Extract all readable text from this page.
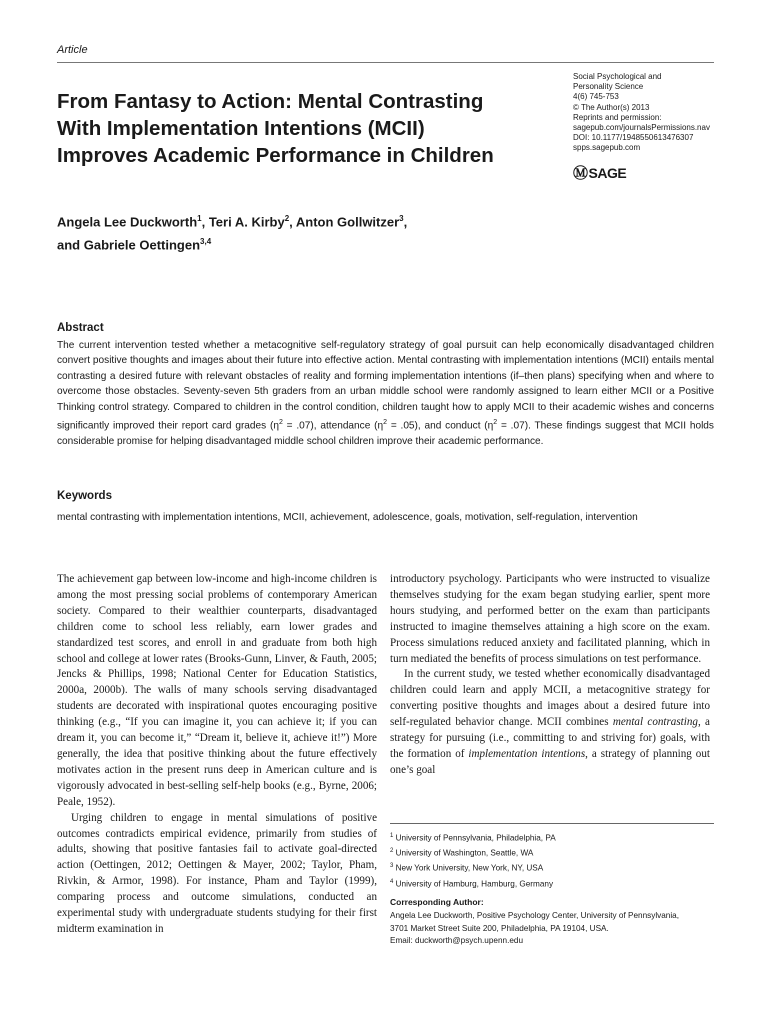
Article
From Fantasy to Action: Mental Contrasting With Implementation Intentions (MCII) Improves Academic Performance in Children
Social Psychological and
Personality Science
4(6) 745-753
© The Author(s) 2013
Reprints and permission:
sagepub.com/journalsPermissions.nav
DOI: 10.1177/1948550613476307
spps.sagepub.com
ⓂSAGE
Angela Lee Duckworth$^1$, Teri A. Kirby$^2$, Anton Gollwitzer$^3$,
and Gabriele Oettingen$^{3,4}$
Abstract
The current intervention tested whether a metacognitive self-regulatory strategy of goal pursuit can help economically disadvantaged children convert positive thoughts and images about their future into effective action. Mental contrasting with implementation intentions (MCII) entails mental contrasting a desired future with relevant obstacles of reality and forming implementation intentions (if–then plans) specifying when and where to overcome those obstacles. Seventy-seven 5th graders from an urban middle school were randomly assigned to learn either MCII or a Positive Thinking control strategy. Compared to children in the control condition, children taught how to apply MCII to their academic wishes and concerns significantly improved their report card grades $(\eta^2 = .07)$, attendance $(\eta^2 = .05)$, and conduct $(\eta^2 = .07)$. These findings suggest that MCII holds considerable promise for helping disadvantaged middle school children improve their academic performance.
Keywords
mental contrasting with implementation intentions, MCII, achievement, adolescence, goals, motivation, self-regulation, intervention

The achievement gap between low-income and high-income children is among the most pressing social problems of contemporary American society. Compared to their wealthier counterparts, disadvantaged children come to school less reliably, earn lower grades and standardized test scores, and enroll in and graduate from both high school and college at lower rates (Brooks-Gunn, Linver, & Fauth, 2005; Jencks & Phillips, 1998; National Center for Education Statistics, 2000a, 2000b). The walls of many schools serving disadvantaged students are decorated with inspirational quotes encouraging positive thinking (e.g., “If you can imagine it, you can achieve it; if you can dream it, you can become it,” “Dream it, believe it, achieve it!”) More generally, the idea that positive thinking about the future effectively motivates action in the present runs deep in American culture and is vigorously advocated in best-selling self-help books (e.g., Byrne, 2006; Peale, 1952).

Urging children to engage in mental simulations of positive outcomes contradicts empirical evidence, primarily from studies of adults, showing that positive fantasies fail to activate goal-directed action (Oettingen, 2012; Oettingen & Mayer, 2002; Taylor, Pham, Rivkin, & Armor, 1998). For instance, Pham and Taylor (1999), comparing process and outcome simulations, conducted an experimental study with undergraduate students studying for their first midterm examination in

introductory psychology. Participants who were instructed to visualize themselves studying for the exam began studying earlier, spent more hours studying, and performed better on the exam than participants instructed to imagine themselves attaining a high score on the exam. Process simulations reduced anxiety and facilitated planning, which in turn mediated the benefits of process simulations on test performance.

In the current study, we tested whether economically disadvantaged children could learn and apply MCII, a metacognitive strategy for converting positive thoughts and images about a desired future into self-regulated behavior change. MCII combines mental contrasting, a strategy for pursuing (i.e., committing to and striving for) goals, with the formation of implementation intentions, a strategy of planning out one’s goal

$^1$ University of Pennsylvania, Philadelphia, PA
$^2$ University of Washington, Seattle, WA
$^3$ New York University, New York, NY, USA
$^4$ University of Hamburg, Hamburg, Germany
Corresponding Author:
Angela Lee Duckworth, Positive Psychology Center, University of Pennsylvania,
3701 Market Street Suite 200, Philadelphia, PA 19104, USA.
Email: duckworth@psych.upenn.edu
